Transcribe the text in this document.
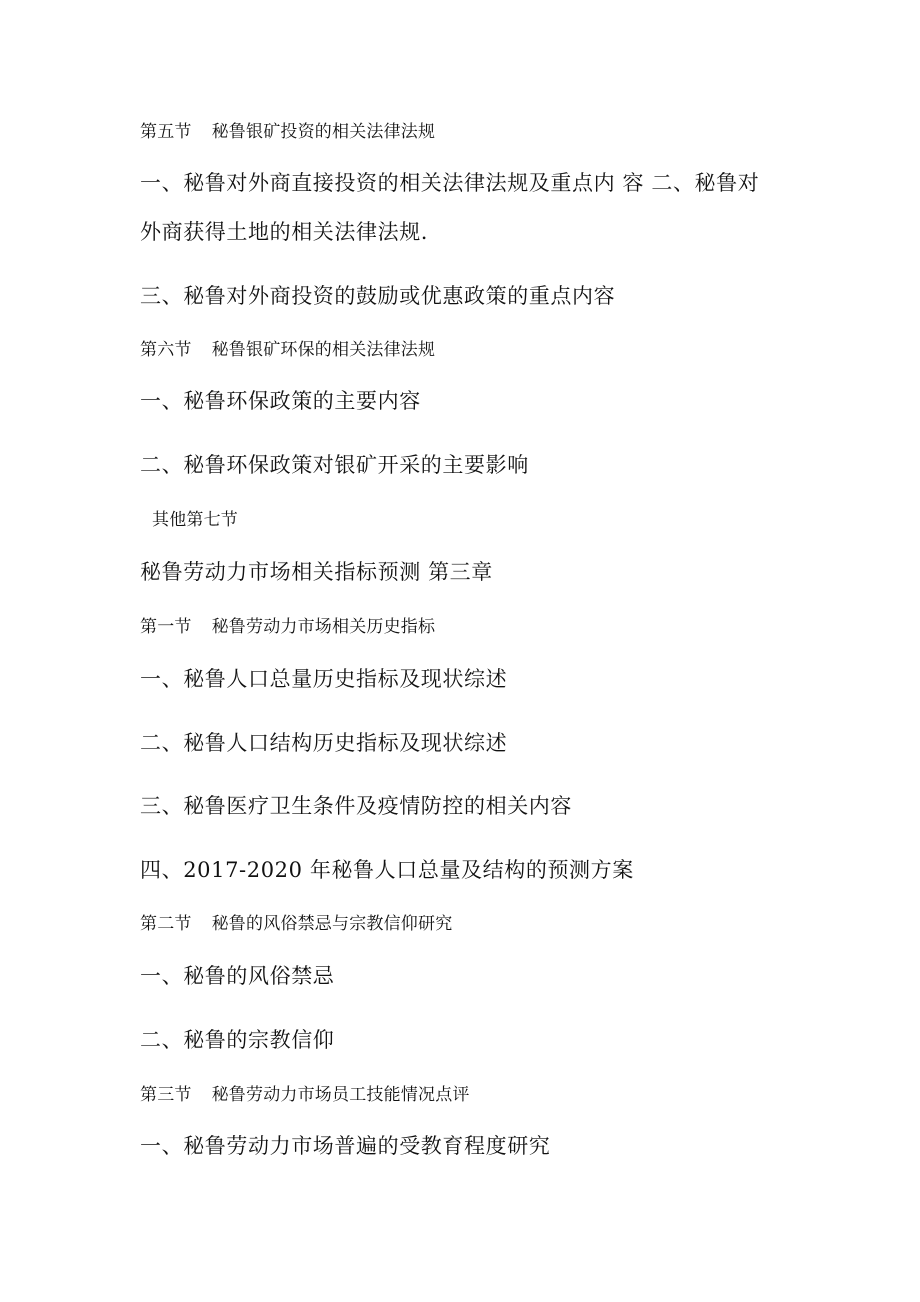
第五节 秘鲁银矿投资的相关法律法规

一、秘鲁对外商直接投资的相关法律法规及重点内 容 二、秘鲁对

外商获得土地的相关法律法规.

三、秘鲁对外商投资的鼓励或优惠政策的重点内容

第六节 秘鲁银矿环保的相关法律法规

一、秘鲁环保政策的主要内容

二、秘鲁环保政策对银矿开采的主要影响

其他第七节

秘鲁劳动力市场相关指标预测 第三章

第一节 秘鲁劳动力市场相关历史指标

一、秘鲁人口总量历史指标及现状综述

二、秘鲁人口结构历史指标及现状综述

三、秘鲁医疗卫生条件及疫情防控的相关内容

四、2017-2020 年秘鲁人口总量及结构的预测方案

第二节 秘鲁的风俗禁忌与宗教信仰研究

一、秘鲁的风俗禁忌

二、秘鲁的宗教信仰

第三节 秘鲁劳动力市场员工技能情况点评

一、秘鲁劳动力市场普遍的受教育程度研究
